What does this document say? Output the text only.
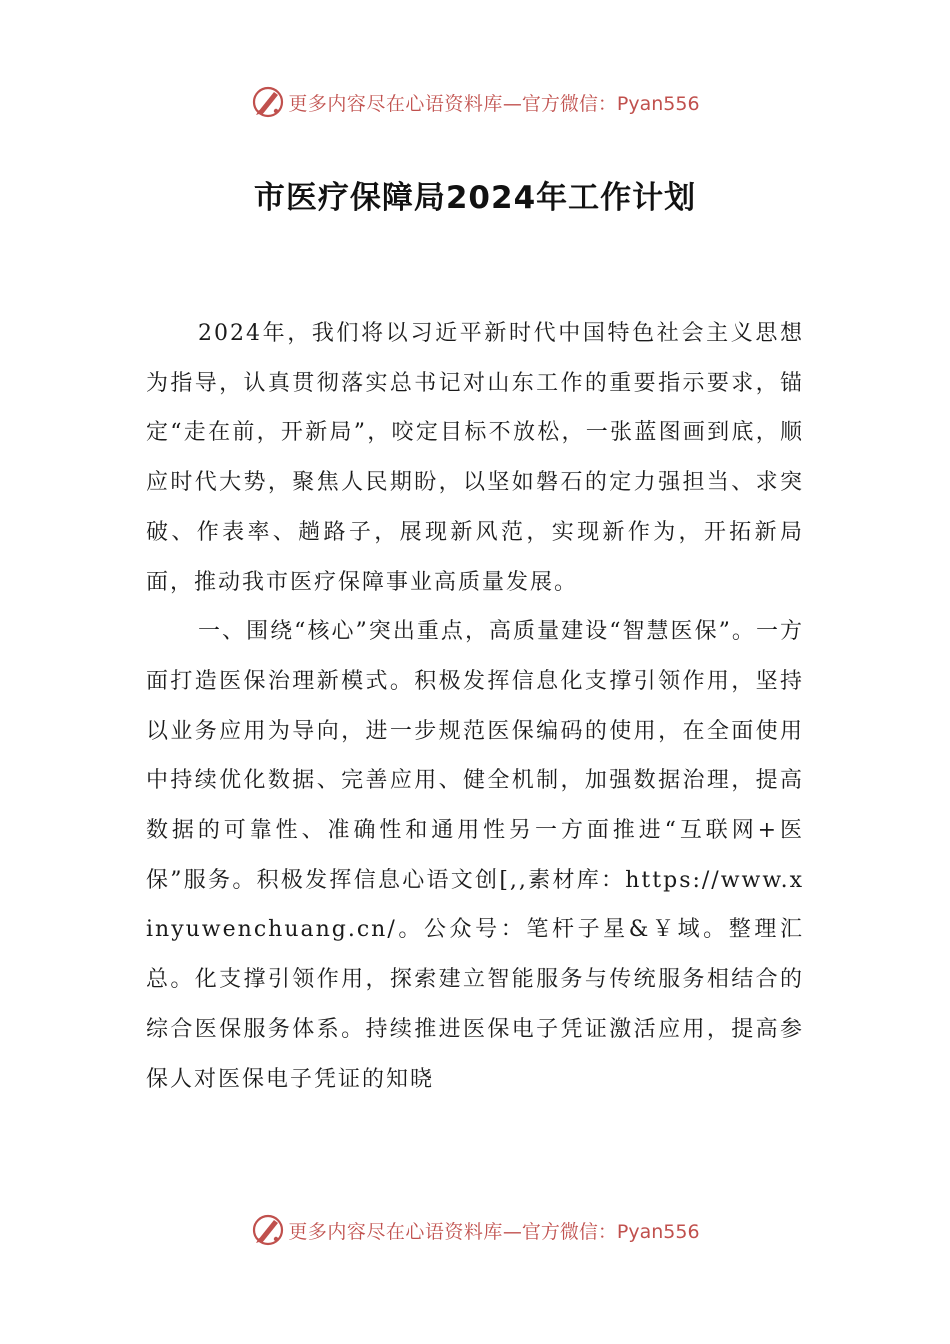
更多内容尽在心语资料库 —官方微信：Pyan556
市医疗保障局2024年工作计划

2024年，我们将以习近平新时代中国特色社会主义思想为指导，认真贯彻落实总书记对山东工作的重要指示要求，锚定“走在前，开新局”，咬定目标不放松，一张蓝图画到底，顺应时代大势，聚焦人民期盼，以坚如磐石的定力强担当、求突破、作表率、趟路子，展现新风范，实现新作为，开拓新局面，推动我市医疗保障事业高质量发展。

一、围绕“核心”突出重点，高质量建设“智慧医保”。一方面打造医保治理新模式。积极发挥信息化支撑引领作用，坚持以业务应用为导向，进一步规范医保编码的使用，在全面使用中持续优化数据、完善应用、健全机制，加强数据治理，提高数据的可靠性、准确性和通用性另一方面推进“互联网+医保”服务。积极发挥信息心语文创[,,素材库：https://www.xinyuwenchuang.cn/。公众号：笔杆子星&￥域。整理汇总。化支撑引领作用，探索建立智能服务与传统服务相结合的综合医保服务体系。持续推进医保电子凭证激活应用，提高参保人对医保电子凭证的知晓

更多内容尽在心语资料库 —官方微信：Pyan556
